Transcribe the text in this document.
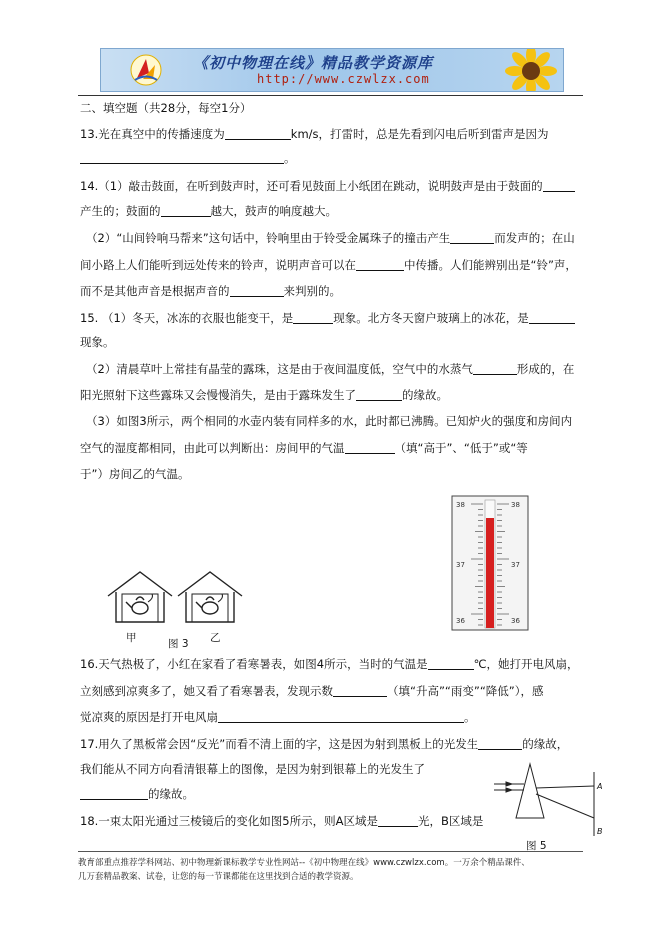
《初中物理在线》精品教学资源库
http://www.czwlzx.com
二、填空题（共28分，每空1分）
13.光在真空中的传播速度为	km/s，打雷时，总是先看到闪电后听到雷声是因为
。
14.（1）敲击鼓面，在听到鼓声时，还可看见鼓面上小纸团在跳动，说明鼓声是由于鼓面的
产生的；鼓面的	越大，鼓声的响度越大。
（2）“山间铃响马帮来”这句话中，铃响里由于铃受金属珠子的撞击产生	而发声的；在山
间小路上人们能听到远处传来的铃声，说明声音可以在	中传播。人们能辨别出是“铃”声，
而不是其他声音是根据声音的	来判别的。
15. （1）冬天，冰冻的衣服也能变干，是	现象。北方冬天窗户玻璃上的冰花，是
现象。
（2）清晨草叶上常挂有晶莹的露珠，这是由于夜间温度低，空气中的水蒸气	形成的，在
阳光照射下这些露珠又会慢慢消失，是由于露珠发生了	的缘故。
（3）如图3所示，两个相同的水壶内装有同样多的水，此时都已沸腾。已知炉火的强度和房间内
空气的湿度都相同，由此可以判断出：房间甲的气温	（填“高于”、“低于”或“等
于”）房间乙的气温。
甲	乙
图 3
38	38
37	37
36	36
16.天气热极了，小红在家看了看寒暑表，如图4所示，当时的气温是	℃，她打开电风扇，
立刻感到凉爽多了，她又看了看寒暑表，发现示数	（填“升高”“雨变”“降低”），感
觉凉爽的原因是打开电风扇	。
17.用久了黑板常会因“反光”而看不清上面的字，这是因为射到黑板上的光发生	的缘故，
我们能从不同方向看清银幕上的图像，是因为射到银幕上的光发生了
的缘故。
18.一束太阳光通过三棱镜后的变化如图5所示，则A区域是	光，B区域是
A
B
图 5
教育部重点推荐学科网站、初中物理新课标教学专业性网站--《初中物理在线》www.czwlzx.com。一万余个精品课件、
几万套精品教案、试卷，让您的每一节课都能在这里找到合适的教学资源。
